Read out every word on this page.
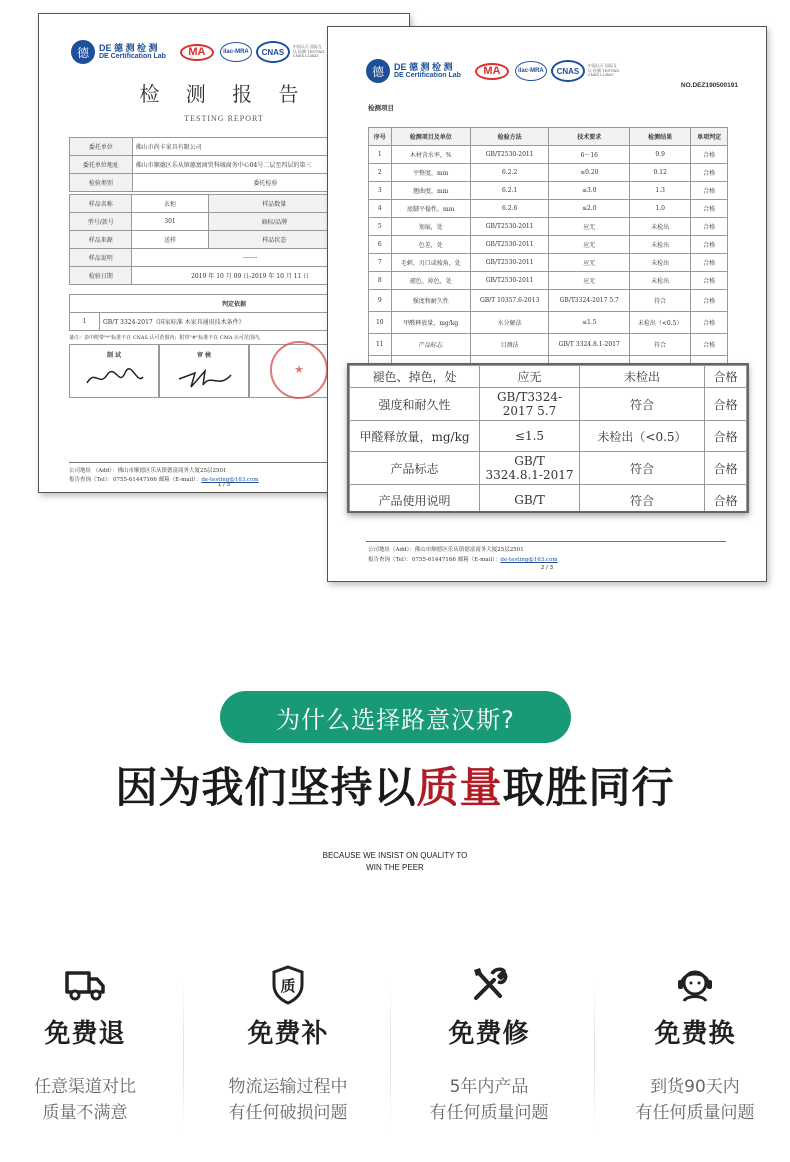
德	DE 德 测 检 测
DE Certification Lab	MA	ilac-MRA	CNAS
中国认可 国际互认 检测 TESTING CNAS L13522
检 测 报 告
TESTING REPORT
委托单位	佛山市尚卡家具有限公司
委托单位地址	佛山市顺德区乐从镇德富商贸科城商务中心04号二层至四层的第三
检验类别	委托检验
样品名称	衣柜	样品数量	
型号/款号	301	商标/品牌	
样品来源	送样	样品状态	
样品说明	-------		
检验日期	2019 年 10 月 09 日-2019 年 10 月 11 日		
判定依据
1	GB/T 3324-2017《国家标准 木家具通用技术条件》
备注：表中附带"*"标准不在 CNAS 认可范围内；附带"#"标准不在 CMA 认可范围内。
制 试	审 核
★
公司地址 （Add）：佛山市顺德区乐从镇德富商务大厦25层2501
报告查询（Tel）：0755-61447166 邮箱（E-mail）：de-testing@163.com
1 / 3
德	DE 德 测 检 测
DE Certification Lab	MA	ilac-MRA	CNAS
中国认可 国际互认 检测 TESTING CNAS L13522
NO.DEZ190500191
检测项目
序号	检测项目及单位	检验方法	技术要求	检测结果	单项判定
1	木材含水率，%	GB/T2530-2011	6～16	9.9	合格
2	平整度，mm	6.2.2	≤0.20	0.12	合格
3	翘曲度，mm	6.2.1	≤3.0	1.3	合格
4	底脚平稳性，mm	6.2.6	≤2.0	1.0	合格
5	划痕，处	GB/T2530-2011	应无	未检出	合格
6	色差，处	GB/T2530-2011	应无	未检出	合格
7	毛刺、刃口或棱角，处	GB/T2530-2011	应无	未检出	合格
8	褪色、掉色，处	GB/T2530-2011	应无	未检出	合格
9	强度和耐久性	GB/T 10357.6-2013	GB/T3324-2017 5.7	符合	合格
10	甲醛释放量，mg/kg	水分解法	≤1.5	未检出（<0.5）	合格
11	产品标志	目测法	GB/T 3324.8.1-2017	符合	合格

公司地址（Add）：佛山市顺德区乐从镇德富商务大厦25层2501
报告查询（Tel）：0755-61447166 邮箱（E-mail）：de-testing@163.com
2 / 3
褪色、掉色，处	应无	未检出	合格
强度和耐久性	GB/T3324-2017 5.7	符合	合格
甲醛释放量，mg/kg	≤1.5	未检出（<0.5）	合格
产品标志	GB/T 3324.8.1-2017	符合	合格
产品使用说明	GB/T	符合	合格
为什么选择路意汉斯?
因为我们坚持以质量取胜同行
BECAUSE WE INSIST ON QUALITY TO
WIN THE PEER
免费退
任意渠道对比
质量不满意
质
免费补
物流运输过程中
有任何破损问题
免费修
5年内产品
有任何质量问题
免费换
到货90天内
有任何质量问题
